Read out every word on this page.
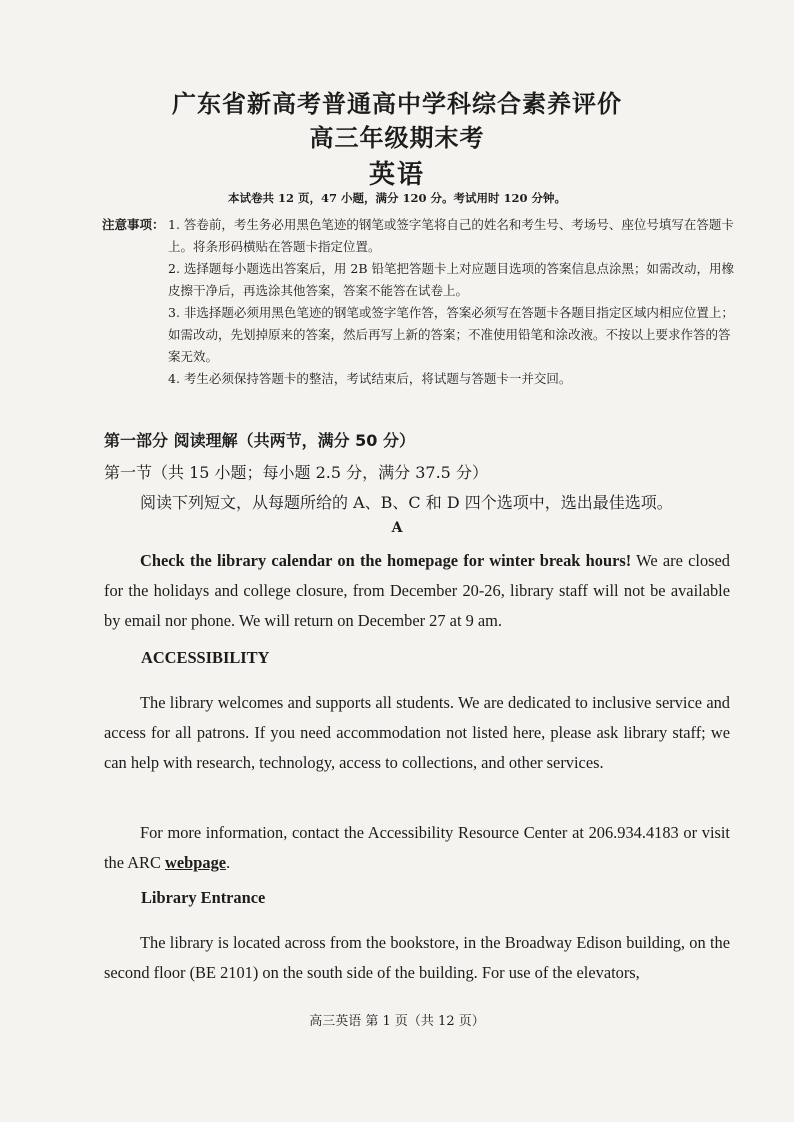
广东省新高考普通高中学科综合素养评价
高三年级期末考
英语
本试卷共 12 页，47 小题，满分 120 分。考试用时 120 分钟。
注意事项： 1. 答卷前，考生务必用黑色笔迹的钢笔或签字笔将自己的姓名和考生号、考场号、座位号填写在答题卡上。将条形码横贴在答题卡指定位置。
2. 选择题每小题选出答案后，用 2B 铅笔把答题卡上对应题目选项的答案信息点涂黑；如需改动，用橡皮擦干净后，再选涂其他答案，答案不能答在试卷上。
3. 非选择题必须用黑色笔迹的钢笔或签字笔作答，答案必须写在答题卡各题目指定区域内相应位置上；如需改动，先划掉原来的答案，然后再写上新的答案；不准使用铅笔和涂改液。不按以上要求作答的答案无效。
4. 考生必须保持答题卡的整洁，考试结束后，将试题与答题卡一并交回。
第一部分 阅读理解（共两节，满分 50 分）
第一节（共 15 小题；每小题 2.5 分，满分 37.5 分）
阅读下列短文，从每题所给的 A、B、C 和 D 四个选项中，选出最佳选项。
A
Check the library calendar on the homepage for winter break hours! We are closed for the holidays and college closure, from December 20-26, library staff will not be available by email nor phone. We will return on December 27 at 9 am.
ACCESSIBILITY
The library welcomes and supports all students. We are dedicated to inclusive service and access for all patrons. If you need accommodation not listed here, please ask library staff; we can help with research, technology, access to collections, and other services.
For more information, contact the Accessibility Resource Center at 206.934.4183 or visit the ARC webpage.
Library Entrance
The library is located across from the bookstore, in the Broadway Edison building, on the second floor (BE 2101) on the south side of the building. For use of the elevators,
高三英语 第 1 页（共 12 页）
